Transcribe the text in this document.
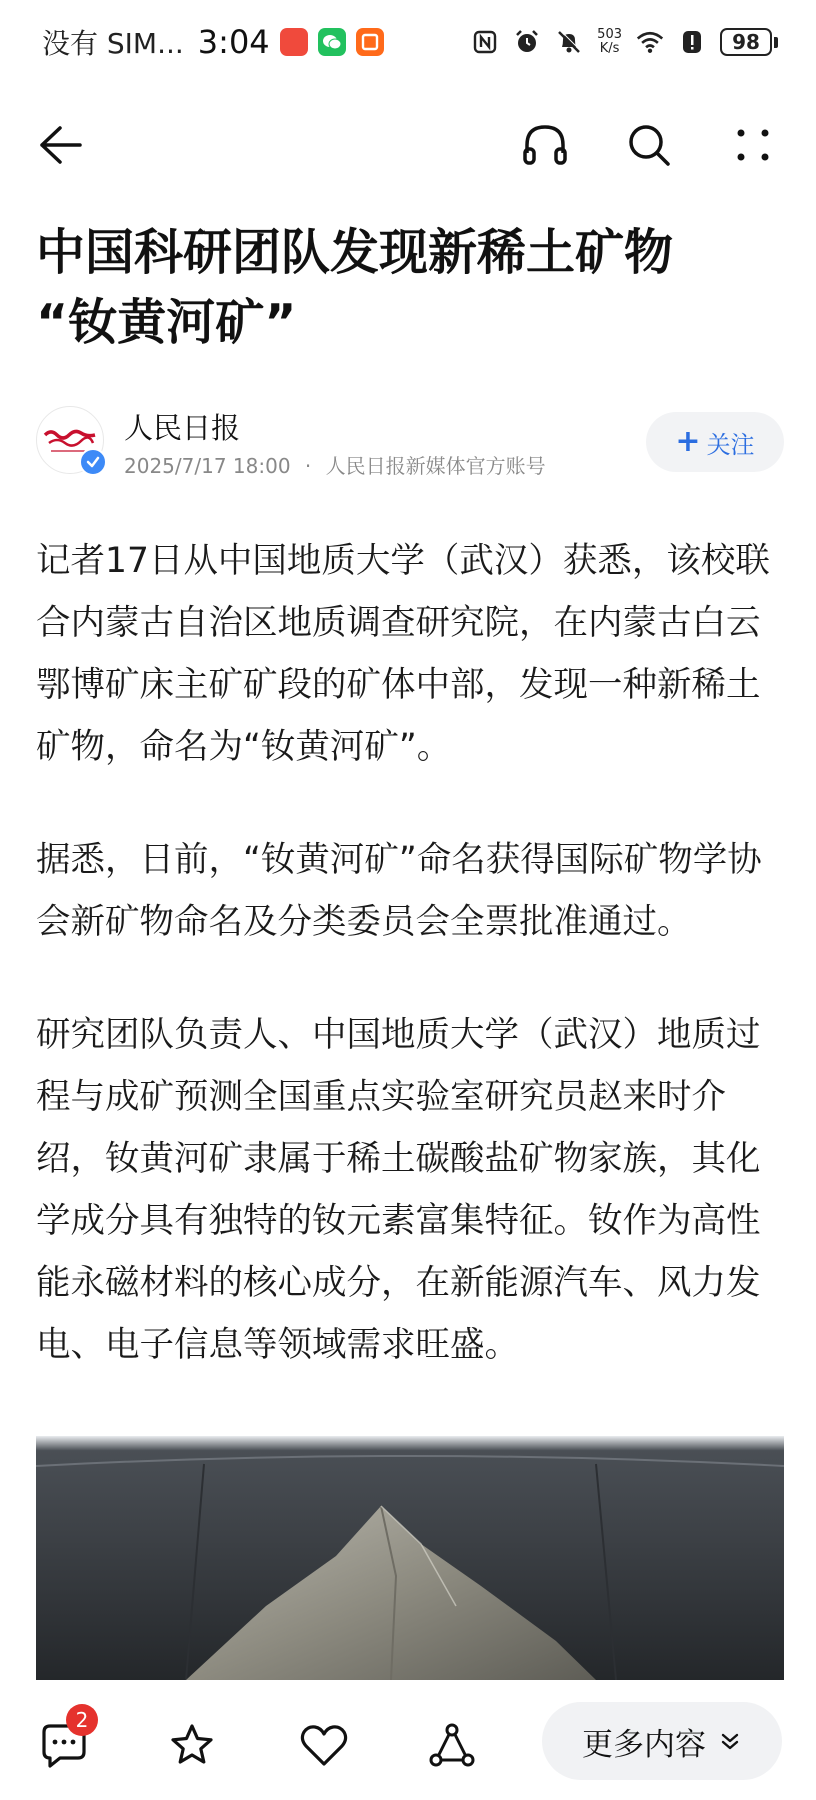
没有 SIM... 3:04	503
K/s	98
中国科研团队发现新稀土矿物
“钕黄河矿”
人民日报
2025/7/17 18:00 · 人民日报新媒体官方账号
+ 关注

记者17日从中国地质大学（武汉）获悉，该校联合内蒙古自治区地质调查研究院，在内蒙古白云鄂博矿床主矿矿段的矿体中部，发现一种新稀土矿物，命名为“钕黄河矿”。

据悉，日前，“钕黄河矿”命名获得国际矿物学协会新矿物命名及分类委员会全票批准通过。

研究团队负责人、中国地质大学（武汉）地质过程与成矿预测全国重点实验室研究员赵来时介绍，钕黄河矿隶属于稀土碳酸盐矿物家族，其化学成分具有独特的钕元素富集特征。钕作为高性能永磁材料的核心成分，在新能源汽车、风力发电、电子信息等领域需求旺盛。

2
更多内容
